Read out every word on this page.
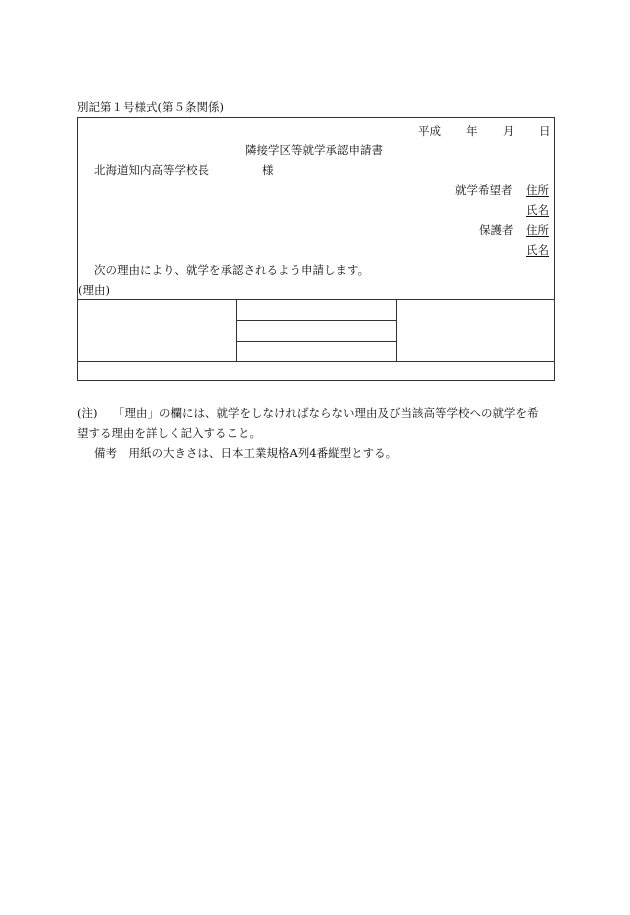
別記第１号様式(第５条関係)
平成 年 月 日
隣接学区等就学承認申請書
北海道知内高等学校長	様
就学希望者 住所
氏名
保護者 住所
氏名
次の理由により、就学を承認されるよう申請します。
(理由)
(注) 「理由」の欄には、就学をしなければならない理由及び当該高等学校への就学を希
望する理由を詳しく記入すること。
備考　用紙の大きさは、日本工業規格A列4番縦型とする。
